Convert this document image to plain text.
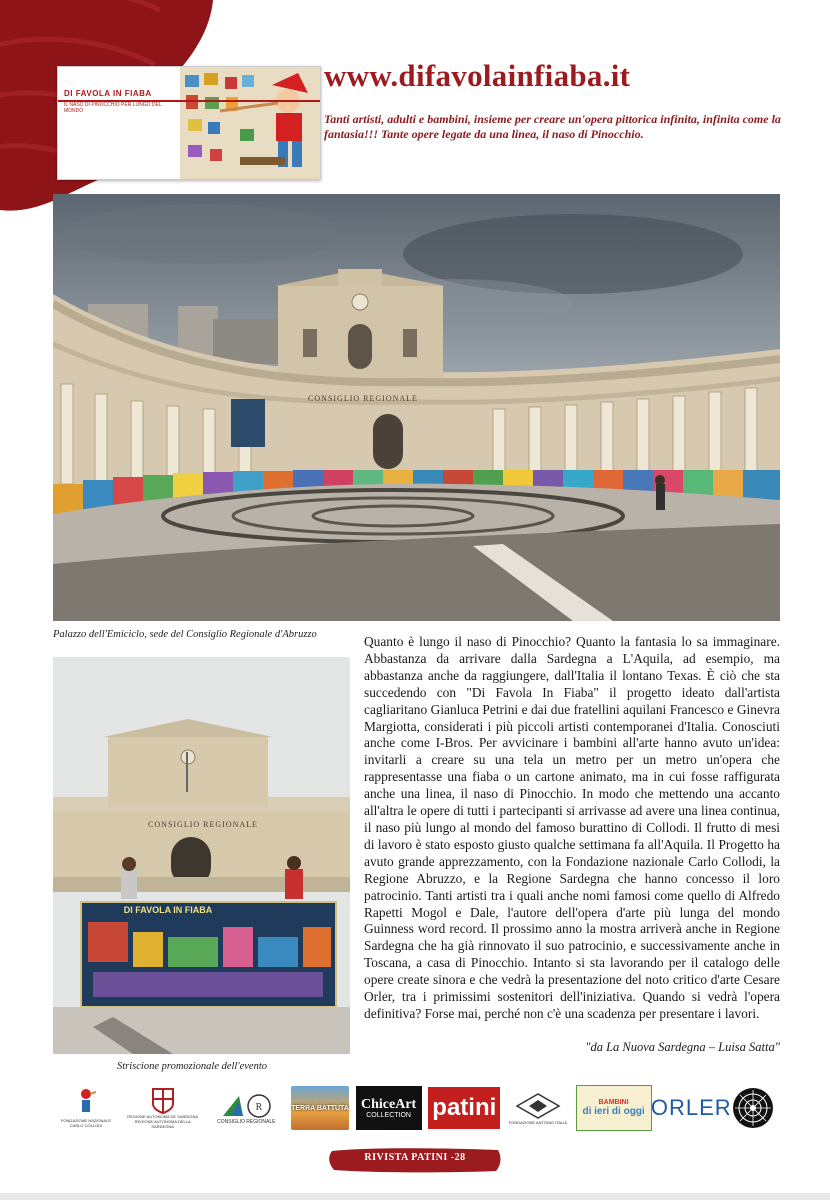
DI FAVOLA IN FIABA
IL NASO DI PINOCCHIO PER LUNGO DEL MONDO
www.difavolainfiaba.it
Tanti artisti, adulti e bambini, insieme per creare un'opera pittorica infinita, infinita come la fantasia!!! Tante opere legate da una linea, il naso di Pinocchio.
CONSIGLIO REGIONALE
Palazzo dell'Emiciclo, sede del Consiglio Regionale d'Abruzzo
CONSIGLIO REGIONALE
DI FAVOLA IN FIABA
Striscione promozionale dell'evento

Quanto è lungo il naso di Pinocchio? Quanto la fantasia lo sa immaginare. Abbastanza da arrivare dalla Sardegna a L'Aquila, ad esempio, ma abbastanza anche da raggiungere, dall'Italia il lontano Texas. È ciò che sta succedendo con "Di Favola In Fiaba" il progetto ideato dall'artista cagliaritano Gianluca Petrini e dai due fratellini aquilani Francesco e Ginevra Margiotta, considerati i più piccoli artisti contemporanei d'Italia. Conosciuti anche come I-Bros. Per avvicinare i bambini all'arte hanno avuto un'idea: invitarli a creare su una tela un metro per un metro un'opera che rappresentasse una fiaba o un cartone animato, ma in cui fosse raffigurata anche una linea, il naso di Pinocchio. In modo che mettendo una accanto all'altra le opere di tutti i partecipanti si arrivasse ad avere una linea continua, il naso più lungo al mondo del famoso burattino di Collodi. Il frutto di mesi di lavoro è stato esposto giusto qualche settimana fa all'Aquila. Il Progetto ha avuto grande apprezzamento, con la Fondazione nazionale Carlo Collodi, la Regione Abruzzo, e la Regione Sardegna che hanno concesso il loro patrocinio. Tanti artisti tra i quali anche nomi famosi come quello di Alfredo Rapetti Mogol e Dale, l'autore dell'opera d'arte più lunga del mondo Guinness word record. Il prossimo anno la mostra arriverà anche in Regione Sardegna che ha già rinnovato il suo patrocinio, e successivamente anche in Toscana, a casa di Pinocchio. Intanto si sta lavorando per il catalogo delle opere create sinora e che vedrà la presentazione del noto critico d'arte Cesare Orler, tra i primissimi sostenitori dell'iniziativa. Quando si vedrà l'opera definitiva? Forse mai, perché non c'è una scadenza per presentare i lavori.

"da La Nuova Sardegna – Luisa Satta"
FONDAZIONE NAZIONALE CARLO COLLODI
REGIONE AUTONOMA DE SARDIGNA REGIONE AUTONOMA DELLA SARDEGNA
R
CONSIGLIO REGIONALE
TERRA BATTUTA ChiceArt
COLLECTION patini
FONDAZIONE ANTONIO ITALIA
BAMBINI
di ieri di oggi ORLER
RIVISTA PATINI -28
